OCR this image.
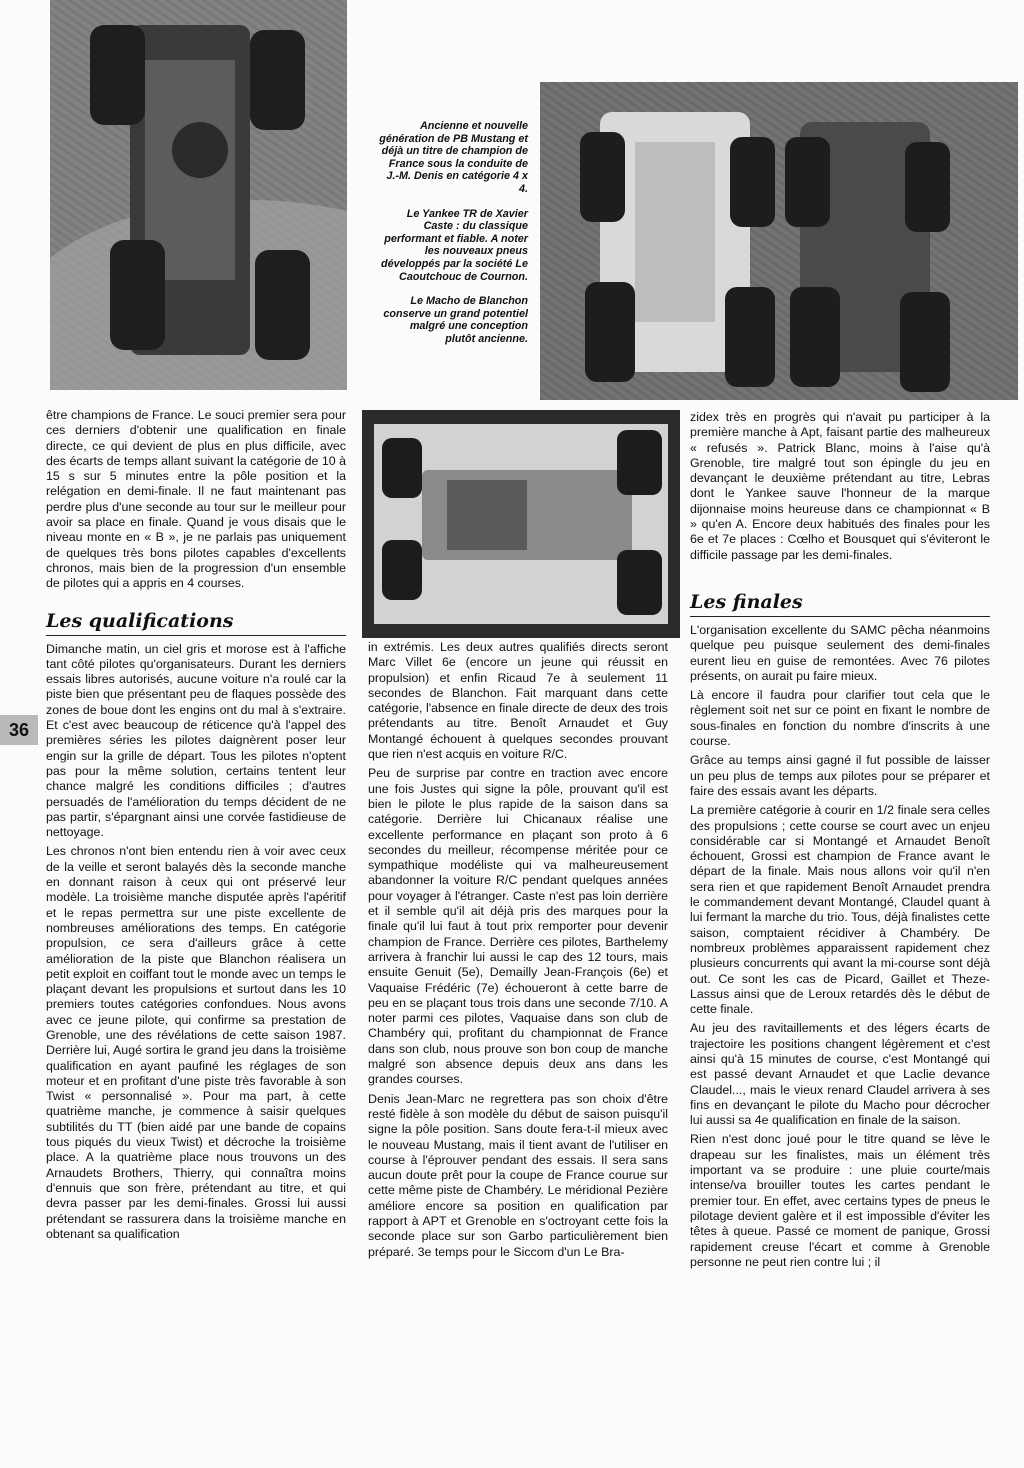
Ancienne et nouvelle génération de PB Mustang et déjà un titre de champion de France sous la conduite de J.-M. Denis en catégorie 4 x 4.

Le Yankee TR de Xavier Caste : du classique performant et fiable. A noter les nouveaux pneus développés par la société Le Caoutchouc de Cournon.

Le Macho de Blanchon conserve un grand potentiel malgré une conception plutôt ancienne.

36

être champions de France. Le souci premier sera pour ces derniers d'obtenir une qualification en finale directe, ce qui devient de plus en plus difficile, avec des écarts de temps allant suivant la catégorie de 10 à 15 s sur 5 minutes entre la pôle position et la relégation en demi-finale. Il ne faut maintenant pas perdre plus d'une seconde au tour sur le meilleur pour avoir sa place en finale. Quand je vous disais que le niveau monte en « B », je ne parlais pas uniquement de quelques très bons pilotes capables d'excellents chronos, mais bien de la progression d'un ensemble de pilotes qui a appris en 4 courses.

Les qualifications

Dimanche matin, un ciel gris et morose est à l'affiche tant côté pilotes qu'organisateurs. Durant les derniers essais libres autorisés, aucune voiture n'a roulé car la piste bien que présentant peu de flaques possède des zones de boue dont les engins ont du mal à s'extraire. Et c'est avec beaucoup de réticence qu'à l'appel des premières séries les pilotes daignèrent poser leur engin sur la grille de départ. Tous les pilotes n'optent pas pour la même solution, certains tentent leur chance malgré les conditions difficiles ; d'autres persuadés de l'amélioration du temps décident de ne pas partir, s'épargnant ainsi une corvée fastidieuse de nettoyage.

Les chronos n'ont bien entendu rien à voir avec ceux de la veille et seront balayés dès la seconde manche en donnant raison à ceux qui ont préservé leur modèle. La troisième manche disputée après l'apéritif et le repas permettra sur une piste excellente de nombreuses améliorations des temps. En catégorie propulsion, ce sera d'ailleurs grâce à cette amélioration de la piste que Blanchon réalisera un petit exploit en coiffant tout le monde avec un temps le plaçant devant les propulsions et surtout dans les 10 premiers toutes catégories confondues. Nous avons avec ce jeune pilote, qui confirme sa prestation de Grenoble, une des révélations de cette saison 1987. Derrière lui, Augé sortira le grand jeu dans la troisième qualification en ayant paufiné les réglages de son moteur et en profitant d'une piste très favorable à son Twist « personnalisé ». Pour ma part, à cette quatrième manche, je commence à saisir quelques subtilités du TT (bien aidé par une bande de copains tous piqués du vieux Twist) et décroche la troisième place. A la quatrième place nous trouvons un des Arnaudets Brothers, Thierry, qui connaîtra moins d'ennuis que son frère, prétendant au titre, et qui devra passer par les demi-finales. Grossi lui aussi prétendant se rassurera dans la troisième manche en obtenant sa qualification

in extrémis. Les deux autres qualifiés directs seront Marc Villet 6e (encore un jeune qui réussit en propulsion) et enfin Ricaud 7e à seulement 11 secondes de Blanchon. Fait marquant dans cette catégorie, l'absence en finale directe de deux des trois prétendants au titre. Benoît Arnaudet et Guy Montangé échouent à quelques secondes prouvant que rien n'est acquis en voiture R/C.

Peu de surprise par contre en traction avec encore une fois Justes qui signe la pôle, prouvant qu'il est bien le pilote le plus rapide de la saison dans sa catégorie. Derrière lui Chicanaux réalise une excellente performance en plaçant son proto à 6 secondes du meilleur, récompense méritée pour ce sympathique modéliste qui va malheureusement abandonner la voiture R/C pendant quelques années pour voyager à l'étranger. Caste n'est pas loin derrière et il semble qu'il ait déjà pris des marques pour la finale qu'il lui faut à tout prix remporter pour devenir champion de France. Derrière ces pilotes, Barthelemy arrivera à franchir lui aussi le cap des 12 tours, mais ensuite Genuit (5e), Demailly Jean-François (6e) et Vaquaise Frédéric (7e) échoueront à cette barre de peu en se plaçant tous trois dans une seconde 7/10. A noter parmi ces pilotes, Vaquaise dans son club de Chambéry qui, profitant du championnat de France dans son club, nous prouve son bon coup de manche malgré son absence depuis deux ans dans les grandes courses.

Denis Jean-Marc ne regrettera pas son choix d'être resté fidèle à son modèle du début de saison puisqu'il signe la pôle position. Sans doute fera-t-il mieux avec le nouveau Mustang, mais il tient avant de l'utiliser en course à l'éprouver pendant des essais. Il sera sans aucun doute prêt pour la coupe de France courue sur cette même piste de Chambéry. Le méridional Pezière améliore encore sa position en qualification par rapport à APT et Grenoble en s'octroyant cette fois la seconde place sur son Garbo particulièrement bien préparé. 3e temps pour le Siccom d'un Le Bra-

zidex très en progrès qui n'avait pu participer à la première manche à Apt, faisant partie des malheureux « refusés ». Patrick Blanc, moins à l'aise qu'à Grenoble, tire malgré tout son épingle du jeu en devançant le deuxième prétendant au titre, Lebras dont le Yankee sauve l'honneur de la marque dijonnaise moins heureuse dans ce championnat « B » qu'en A. Encore deux habitués des finales pour les 6e et 7e places : Cœlho et Bousquet qui s'éviteront le difficile passage par les demi-finales.

Les finales

L'organisation excellente du SAMC pêcha néanmoins quelque peu puisque seulement des demi-finales eurent lieu en guise de remontées. Avec 76 pilotes présents, on aurait pu faire mieux.

Là encore il faudra pour clarifier tout cela que le règlement soit net sur ce point en fixant le nombre de sous-finales en fonction du nombre d'inscrits à une course.

Grâce au temps ainsi gagné il fut possible de laisser un peu plus de temps aux pilotes pour se préparer et faire des essais avant les départs.

La première catégorie à courir en 1/2 finale sera celles des propulsions ; cette course se court avec un enjeu considérable car si Montangé et Arnaudet Benoît échouent, Grossi est champion de France avant le départ de la finale. Mais nous allons voir qu'il n'en sera rien et que rapidement Benoît Arnaudet prendra le commandement devant Montangé, Claudel quant à lui fermant la marche du trio. Tous, déjà finalistes cette saison, comptaient récidiver à Chambéry. De nombreux problèmes apparaissent rapidement chez plusieurs concurrents qui avant la mi-course sont déjà out. Ce sont les cas de Picard, Gaillet et Theze-Lassus ainsi que de Leroux retardés dès le début de cette finale.

Au jeu des ravitaillements et des légers écarts de trajectoire les positions changent légèrement et c'est ainsi qu'à 15 minutes de course, c'est Montangé qui est passé devant Arnaudet et que Laclie devance Claudel..., mais le vieux renard Claudel arrivera à ses fins en devançant le pilote du Macho pour décrocher lui aussi sa 4e qualification en finale de la saison.

Rien n'est donc joué pour le titre quand se lève le drapeau sur les finalistes, mais un élément très important va se produire : une pluie courte/mais intense/va brouiller toutes les cartes pendant le premier tour. En effet, avec certains types de pneus le pilotage devient galère et il est impossible d'éviter les têtes à queue. Passé ce moment de panique, Grossi rapidement creuse l'écart et comme à Grenoble personne ne peut rien contre lui ; il
